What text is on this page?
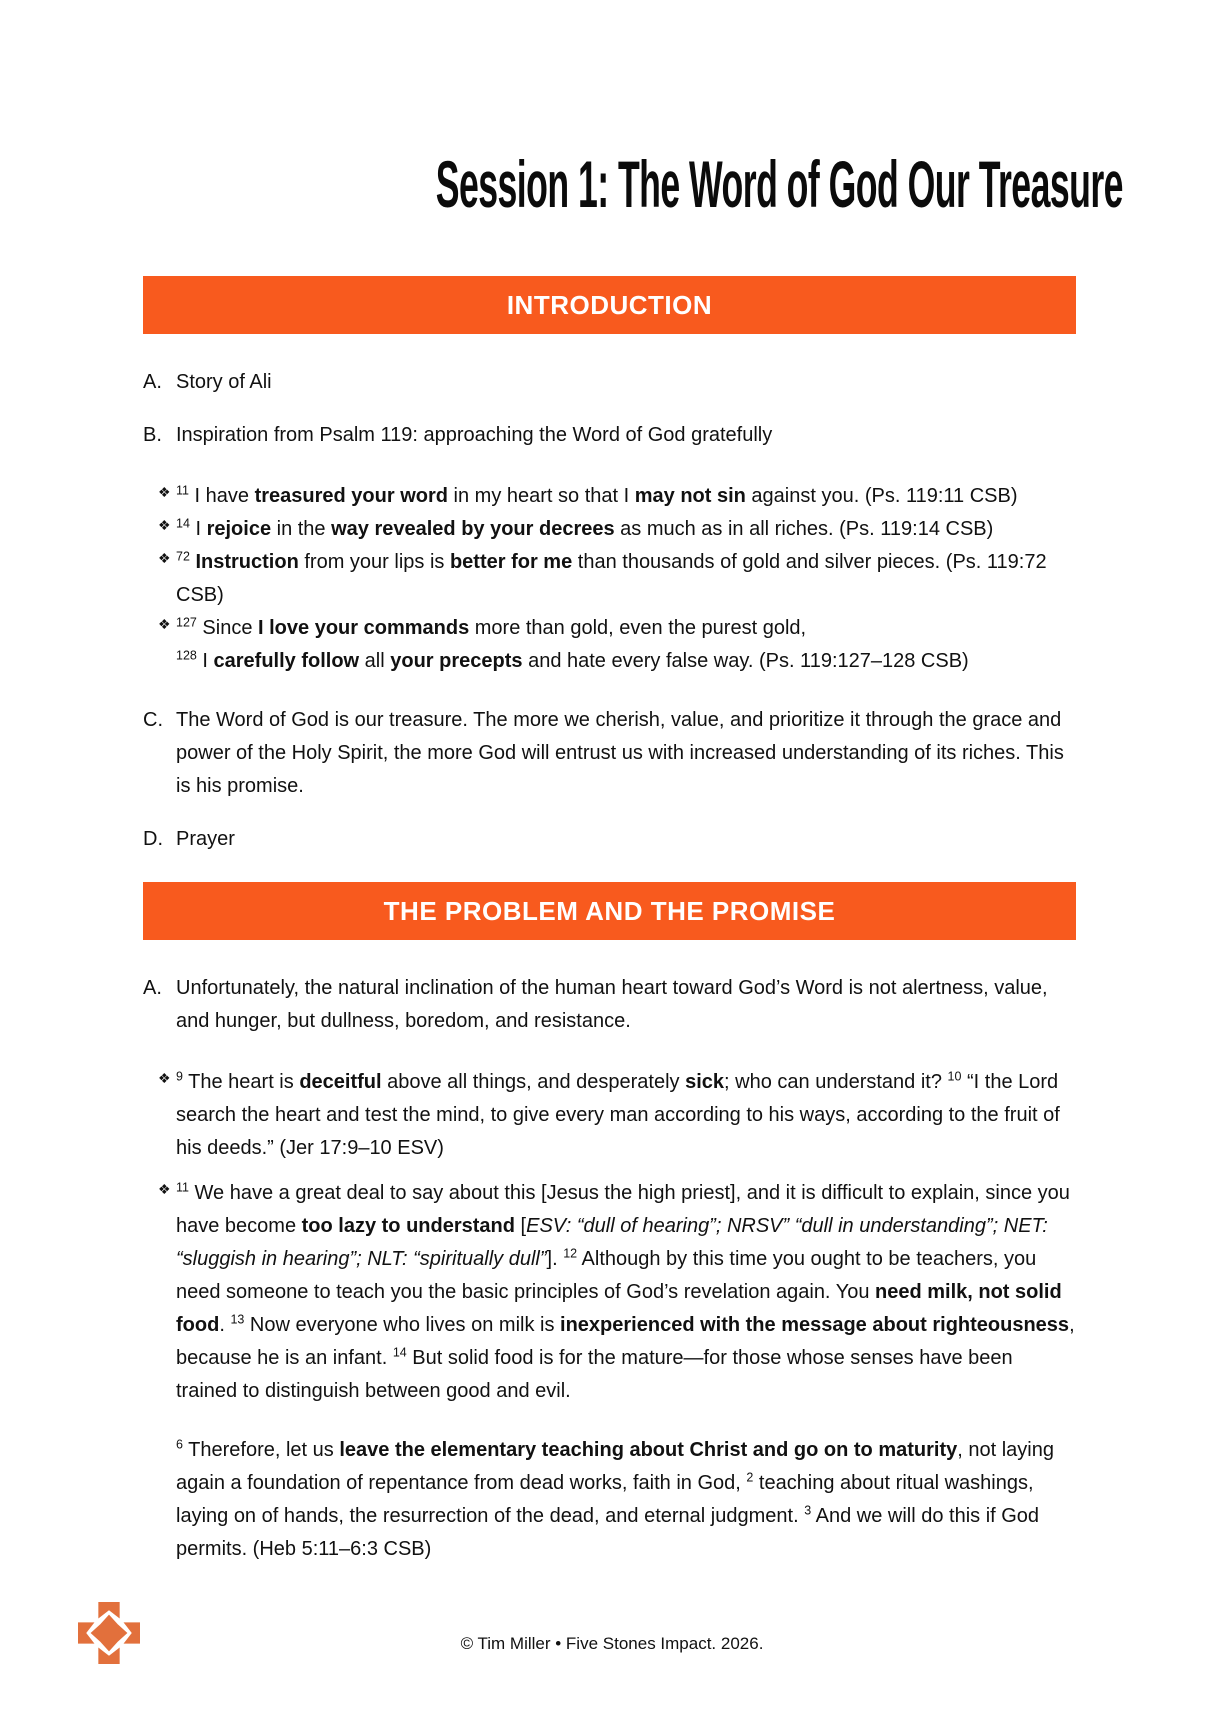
Session 1: The Word of God Our Treasure
INTRODUCTION
A. Story of Ali
B. Inspiration from Psalm 119: approaching the Word of God gratefully
❖ $^{11}$ I have treasured your word in my heart so that I may not sin against you. (Ps. 119:11 CSB)
❖ $^{14}$ I rejoice in the way revealed by your decrees as much as in all riches. (Ps. 119:14 CSB)
❖ $^{72}$ Instruction from your lips is better for me than thousands of gold and silver pieces. (Ps. 119:72 CSB)
❖ $^{127}$ Since I love your commands more than gold, even the purest gold,
$^{128}$ I carefully follow all your precepts and hate every false way. (Ps. 119:127–128 CSB)
C. The Word of God is our treasure. The more we cherish, value, and prioritize it through the grace and power of the Holy Spirit, the more God will entrust us with increased understanding of its riches. This is his promise.
D. Prayer
THE PROBLEM AND THE PROMISE
A. Unfortunately, the natural inclination of the human heart toward God’s Word is not alertness, value, and hunger, but dullness, boredom, and resistance.
❖ $^9$ The heart is deceitful above all things, and desperately sick; who can understand it? $^{10}$ “I the Lord search the heart and test the mind, to give every man according to his ways, according to the fruit of his deeds.” (Jer 17:9–10 ESV)
❖ $^{11}$ We have a great deal to say about this [Jesus the high priest], and it is difficult to explain, since you have become too lazy to understand [ESV: “dull of hearing”; NRSV” “dull in understanding”; NET: “sluggish in hearing”; NLT: “spiritually dull”]. $^{12}$ Although by this time you ought to be teachers, you need someone to teach you the basic principles of God’s revelation again. You need milk, not solid food. $^{13}$ Now everyone who lives on milk is inexperienced with the message about righteousness, because he is an infant. $^{14}$ But solid food is for the mature—for those whose senses have been trained to distinguish between good and evil.
$^6$ Therefore, let us leave the elementary teaching about Christ and go on to maturity, not laying again a foundation of repentance from dead works, faith in God, $^2$ teaching about ritual washings, laying on of hands, the resurrection of the dead, and eternal judgment. $^3$ And we will do this if God permits. (Heb 5:11–6:3 CSB)
© Tim Miller • Five Stones Impact. 2026.
